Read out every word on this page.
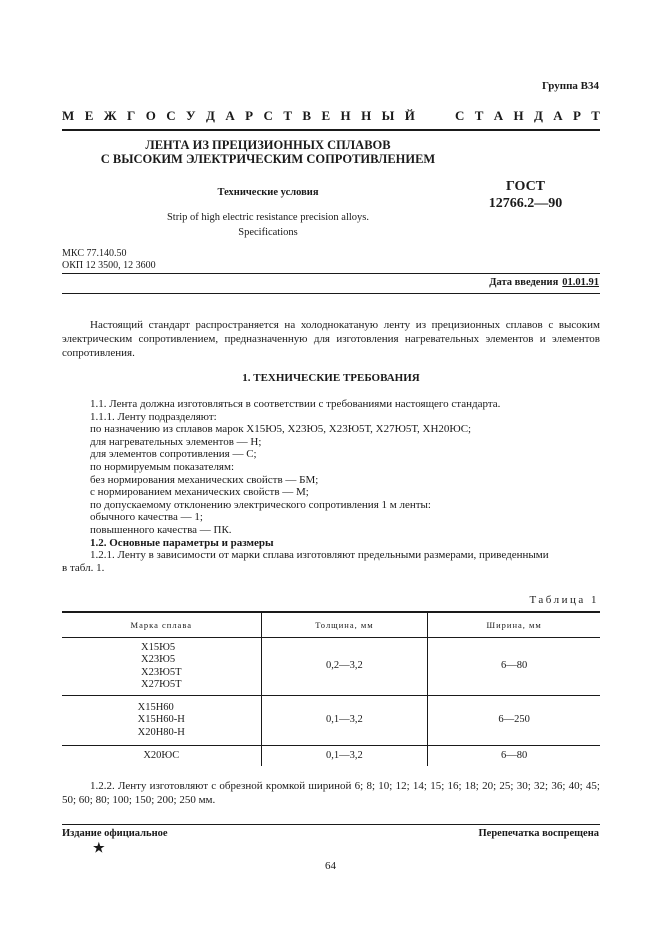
Группа В34
М Е Ж Г О С У Д А Р С Т В Е Н Н Ы Й	С Т А Н Д А Р Т
ЛЕНТА ИЗ ПРЕЦИЗИОННЫХ СПЛАВОВ
С ВЫСОКИМ ЭЛЕКТРИЧЕСКИМ СОПРОТИВЛЕНИЕМ
Технические условия
Strip of high electric resistance precision alloys.
Specifications
ГОСТ
12766.2—90
МКС 77.140.50
ОКП 12 3500, 12 3600
Дата введения 01.01.91
Настоящий стандарт распространяется на холоднокатаную ленту из прецизионных сплавов с высоким электрическим сопротивлением, предназначенную для изготовления нагревательных элементов и элементов сопротивления.
1. ТЕХНИЧЕСКИЕ ТРЕБОВАНИЯ
1.1. Лента должна изготовляться в соответствии с требованиями настоящего стандарта.
1.1.1. Ленту подразделяют:
по назначению из сплавов марок Х15Ю5, Х23Ю5, Х23Ю5Т, Х27Ю5Т, ХН20ЮС;
для нагревательных элементов — Н;
для элементов сопротивления — С;
по нормируемым показателям:
без нормирования механических свойств — БМ;
с нормированием механических свойств — М;
по допускаемому отклонению электрического сопротивления 1 м ленты:
обычного качества — 1;
повышенного качества — ПК.
1.2. Основные параметры и размеры
1.2.1. Ленту в зависимости от марки сплава изготовляют предельными размерами, приведенными
в табл. 1.
Таблица 1
Марка сплава	Толщина, мм	Ширина, мм

Х15Ю5
Х23Ю5
Х23Ю5Т
Х27Ю5Т	0,2—3,2	6—80

Х15Н60
Х15Н60-Н
Х20Н80-Н	0,1—3,2	6—250

Х20ЮС	0,1—3,2	6—80
1.2.2. Ленту изготовляют с обрезной кромкой шириной 6; 8; 10; 12; 14; 15; 16; 18; 20; 25; 30; 32; 36; 40; 45; 50; 60; 80; 100; 150; 200; 250 мм.
Издание официальное	Перепечатка воспрещена
★
64
